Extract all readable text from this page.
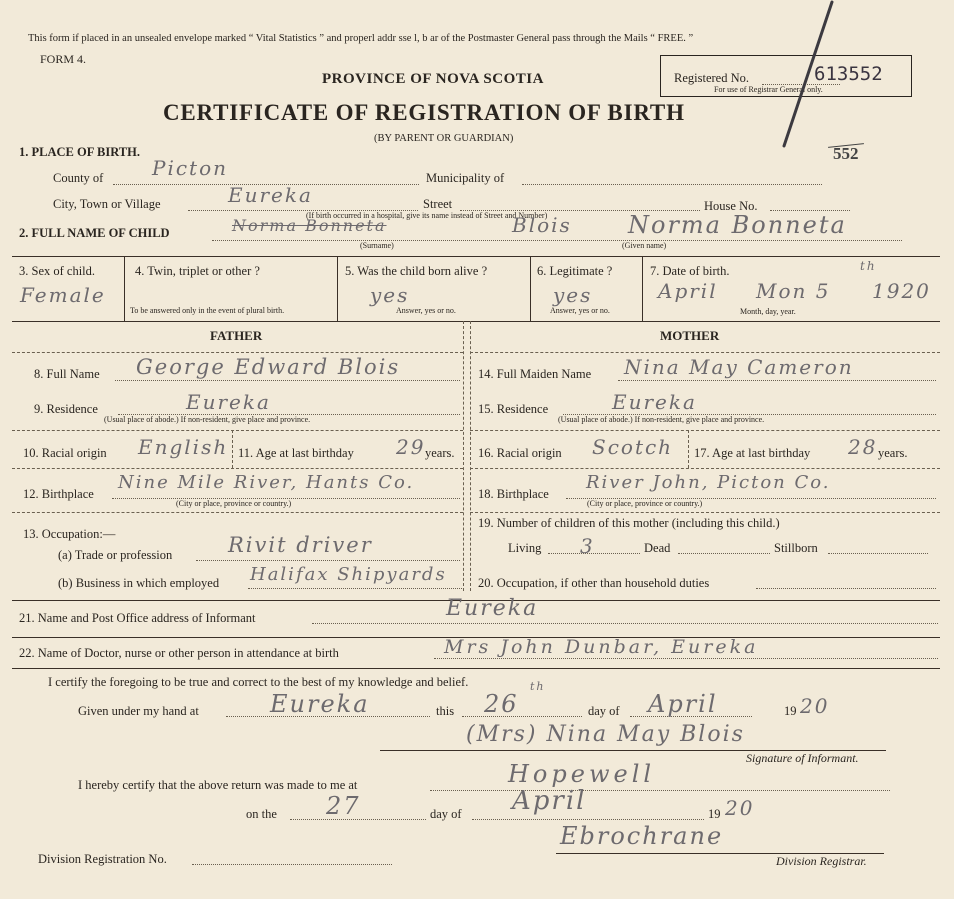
This form if placed in an unsealed envelope marked “ Vital Statistics ” and properl addr sse l, b ar of the Postmaster General pass through the Mails “ FREE. ”
FORM 4.
PROVINCE OF NOVA SCOTIA
CERTIFICATE OF REGISTRATION OF BIRTH
(BY PARENT OR GUARDIAN)
Registered No.	613552
For use of Registrar General only.
552
1. PLACE OF BIRTH.
County of Picton	Municipality of
City, Town or Village	Eureka	Street	House No.
(If birth occurred in a hospital, give its name instead of Street and Number)
2. FULL NAME OF CHILD	Norma Bonneta	Blois Norma Bonneta
(Surname)	(Given name)
3. Sex of child.
Female
4. Twin, triplet or other ?
To be answered only in the event of plural birth.
5. Was the child born alive ?
yes
Answer, yes or no.
6. Legitimate ?
yes
Answer, yes or no.
7. Date of birth.
April Mon 5
th
1920
Month, day, year.
FATHER
8. Full Name George Edward Blois
9. Residence	Eureka
(Usual place of abode.) If non-resident, give place and province.
10. Racial origin English 11. Age at last birthday 29 years.
12. Birthplace
Nine Mile River, Hants Co.
(City or place, province or country.)
13. Occupation:—
(a) Trade or profession	Rivit driver
(b) Business in which employed Halifax Shipyards
MOTHER
14. Full Maiden Name Nina May Cameron
15. Residence	Eureka
(Usual place of abode.) If non-resident, give place and province.
16. Racial origin Scotch 17. Age at last birthday 28 years.
18. Birthplace
River John, Picton Co.
(City or place, province or country.)
19. Number of children of this mother (including this child.)
Living 3	Dead	Stillborn
20. Occupation, if other than household duties
21. Name and Post Office address of Informant	Eureka
22. Name of Doctor, nurse or other person in attendance at birth	Mrs John Dunbar, Eureka
I certify the foregoing to be true and correct to the best of my knowledge and belief.
Given under my hand at	Eureka	this 26
th
day of April	19 20
(Mrs) Nina May Blois
Signature of Informant.
I hereby certify that the above return was made to me at	Hopewell
on the 27	day of April	19 20
Ebrochrane
Division Registration No.	Division Registrar.
